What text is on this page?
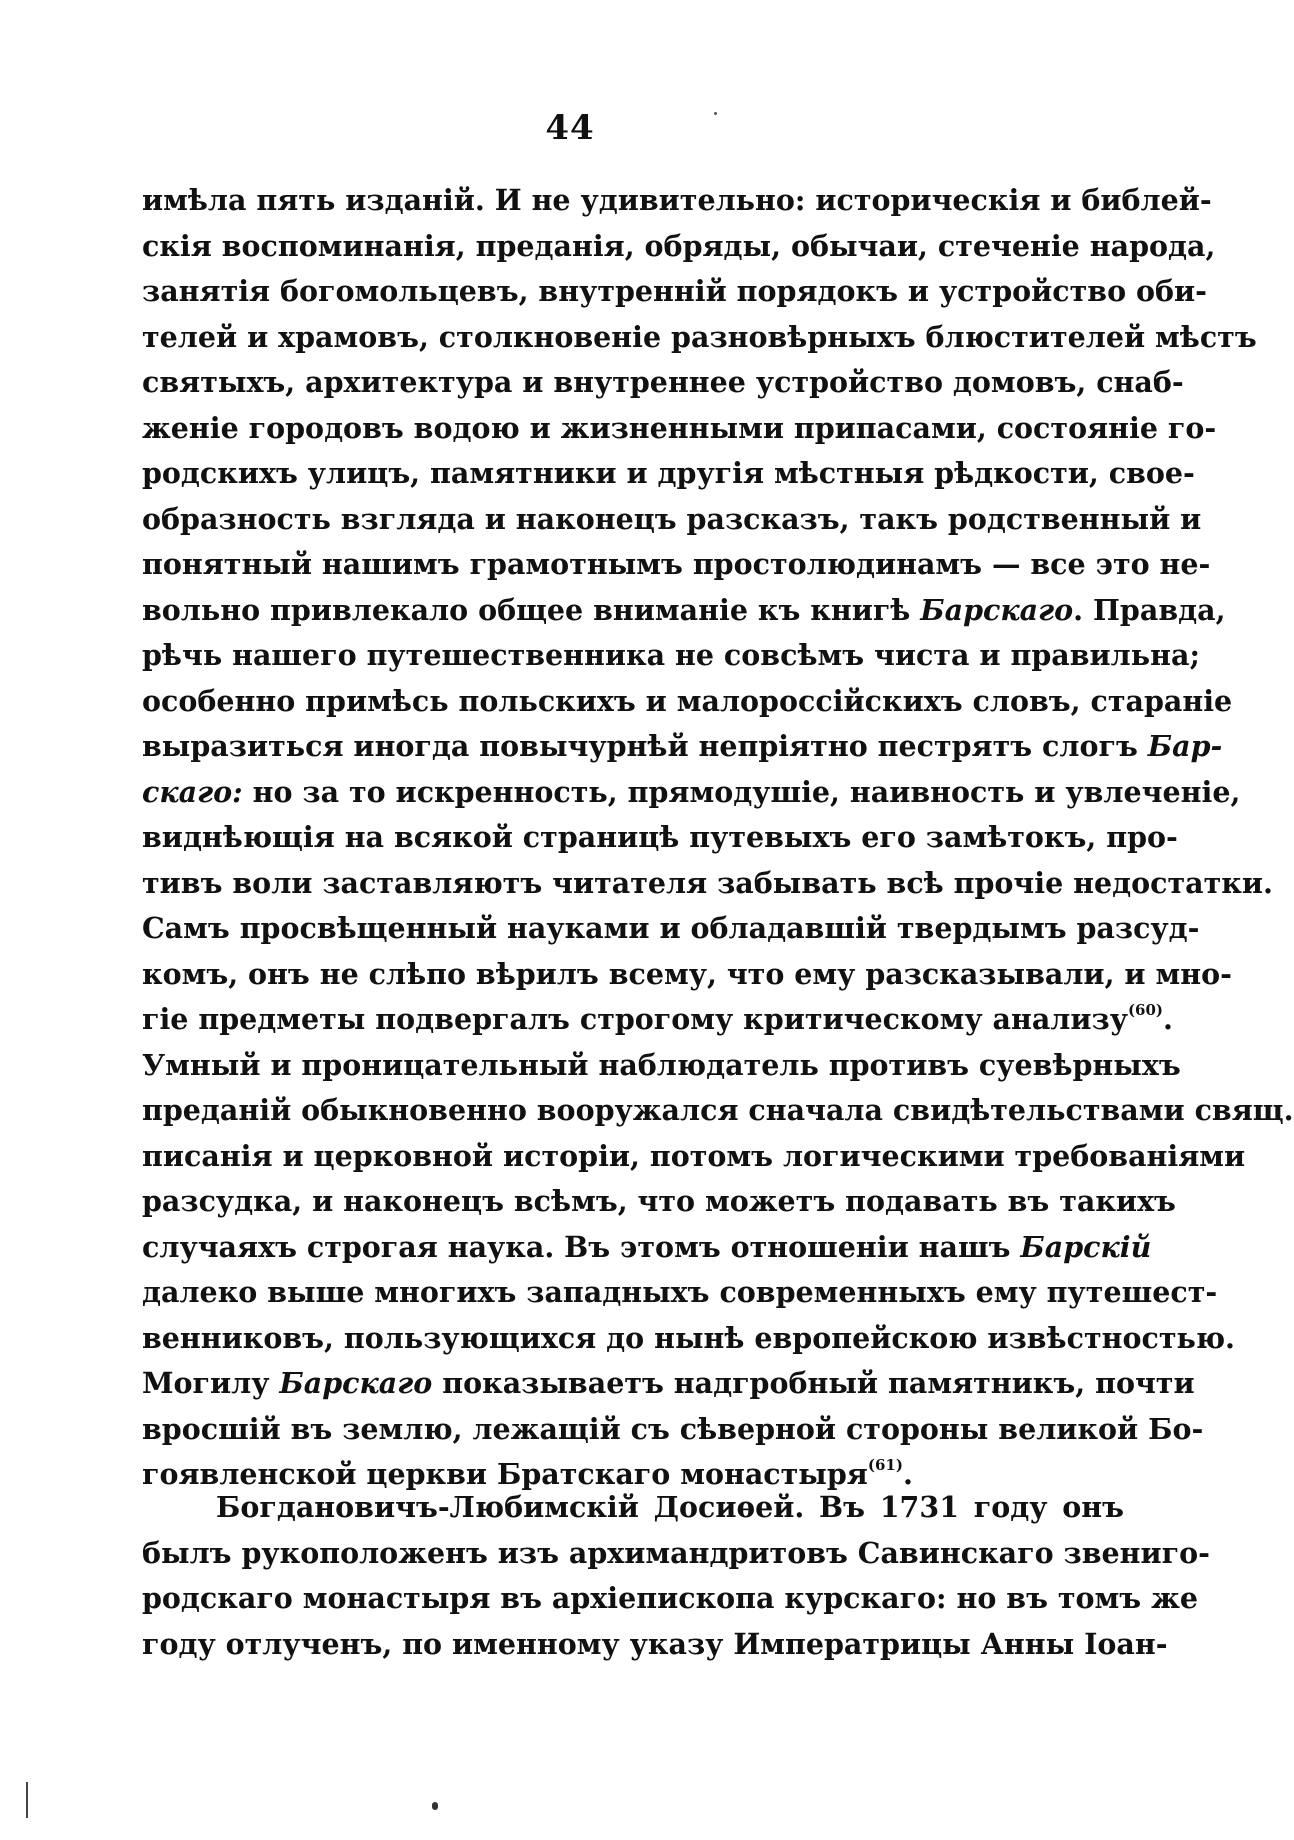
44
имѣла пять изданій. И не удивительно: историческія и библей-
скія воспоминанія, преданія, обряды, обычаи, стеченіе народа,
занятія богомольцевъ, внутренній порядокъ и устройство оби-
телей и храмовъ, столкновеніе разновѣрныхъ блюстителей мѣстъ
святыхъ, архитектура и внутреннее устройство домовъ, снаб-
женіе городовъ водою и жизненными припасами, состояніе го-
родскихъ улицъ, памятники и другія мѣстныя рѣдкости, свое-
образность взгляда и наконецъ разсказъ, такъ родственный и
понятный нашимъ грамотнымъ простолюдинамъ — все это не-
вольно привлекало общее вниманіе къ книгѣ Барскаго. Правда,
рѣчь нашего путешественника не совсѣмъ чиста и правильна;
особенно примѣсь польскихъ и малороссійскихъ словъ, стараніе
выразиться иногда повычурнѣй непріятно пестрятъ слогъ Бар-
скаго: но за то искренность, прямодушіе, наивность и увлеченіе,
виднѣющія на всякой страницѣ путевыхъ его замѣтокъ, про-
тивъ воли заставляютъ читателя забывать всѣ прочіе недостатки.
Самъ просвѣщенный науками и обладавшій твердымъ разсуд-
комъ, онъ не слѣпо вѣрилъ всему, что ему разсказывали, и мно-
гіе предметы подвергалъ строгому критическому анализу$^{(60)}$.
Умный и проницательный наблюдатель противъ суевѣрныхъ
преданій обыкновенно вооружался сначала свидѣтельствами свящ.
писанія и церковной исторіи, потомъ логическими требованіями
разсудка, и наконецъ всѣмъ, что можетъ подавать въ такихъ
случаяхъ строгая наука. Въ этомъ отношеніи нашъ Барскій
далеко выше многихъ западныхъ современныхъ ему путешест-
венниковъ, пользующихся до нынѣ европейскою извѣстностью.
Могилу Барскаго показываетъ надгробный памятникъ, почти
вросшій въ землю, лежащій съ сѣверной стороны великой Бо-
гоявленской церкви Братскаго монастыря$^{(61)}$.
Богдановичъ-Любимскій Досиѳей. Въ 1731 году онъ
былъ рукоположенъ изъ архимандритовъ Савинскаго звениго-
родскаго монастыря въ архіепископа курскаго: но въ томъ же
году отлученъ, по именному указу Императрицы Анны Іоан-
